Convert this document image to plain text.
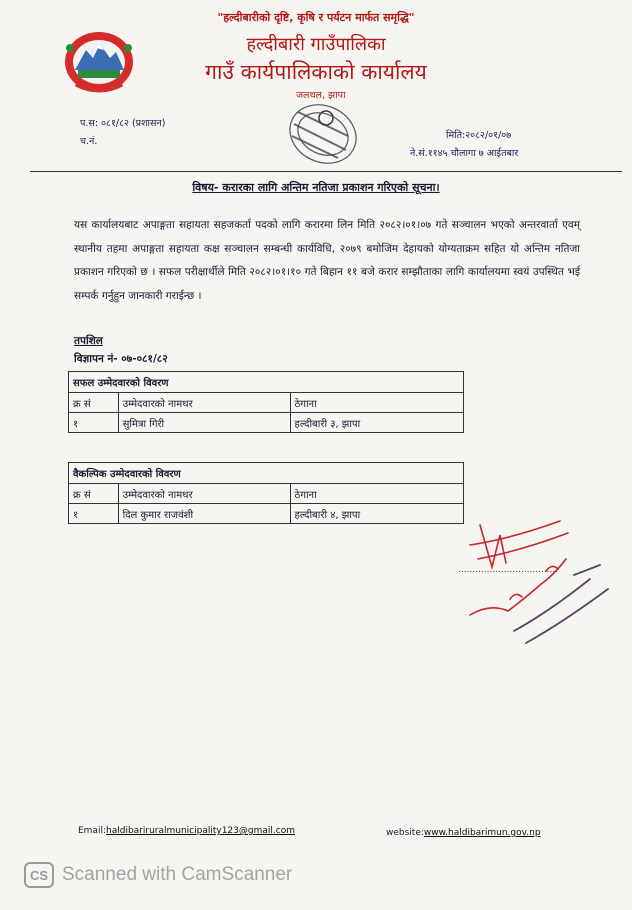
"हल्दीबारीको दृष्टि, कृषि र पर्यटन मार्फत समृद्धि"
हल्दीबारी गाउँपालिका
गाउँ कार्यपालिकाको कार्यालय
जलथल, झापा
प.स: ०८१/८२ (प्रशासन)
च.नं.
मिति:२०८२/०१/०७
ने.सं.११४५ चौलागा ७ आईतबार
विषय- करारका लागि अन्तिम नतिजा प्रकाशन गरिएको सूचना।
यस कार्यालयबाट अपाङ्गता सहायता सहजकर्ता पदको लागि करारमा लिन मिति २०८२।०१।०७ गते सञ्चालन भएको अन्तरवार्ता एवम् स्थानीय तहमा अपाङ्गता सहायता कक्ष सञ्चालन सम्बन्धी कार्यविधि, २०७९ बमोजिम देहायको योग्यताक्रम सहित यो अन्तिम नतिजा प्रकाशन गरिएको छ । सफल परीक्षार्थीले मिति २०८२।०१।१० गते बिहान ११ बजे करार सम्झौताका लागि कार्यालयमा स्वयं उपस्थित भई सम्पर्क गर्नुहुन जानकारी गराईन्छ ।
तपशिल
विज्ञापन नं- ०७-०८१/८२
सफल उम्मेदवारको विवरण		
क्र सं	उम्मेदवारको नामथर	ठेगाना
१	सुमित्रा गिरी	हल्दीबारी ३, झापा
वैकल्पिक उम्मेदवारको विवरण		
क्र सं	उम्मेदवारको नामथर	ठेगाना
१	दिल कुमार राजवंशी	हल्दीबारी ४, झापा
...................................
Email:haldibariruralmunicipality123@gmail.com	website:www.haldibarimun.gov.np
CS Scanned with CamScanner
